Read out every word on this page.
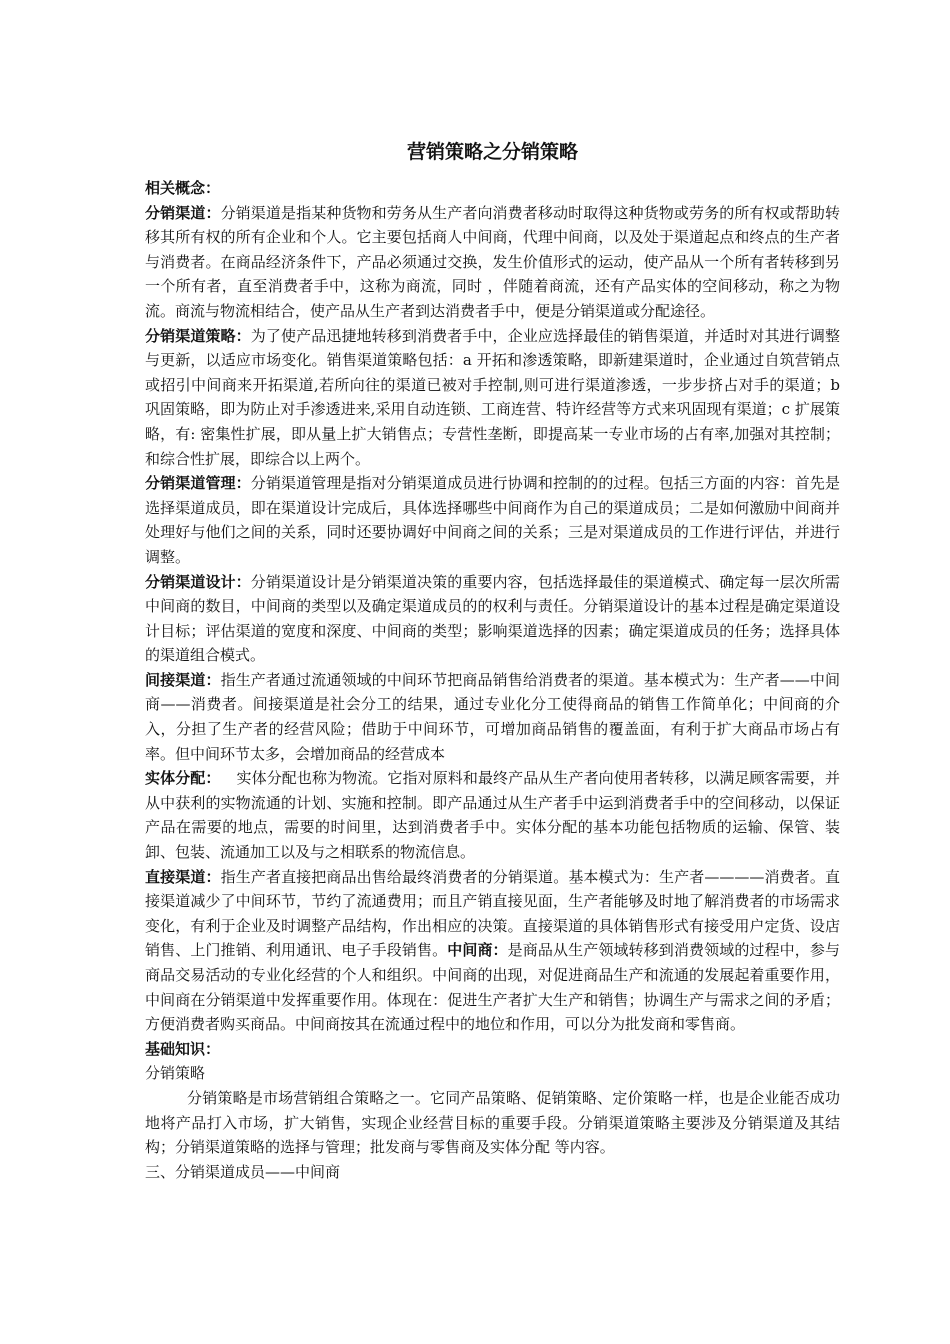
营销策略之分销策略

相关概念：

分销渠道：分销渠道是指某种货物和劳务从生产者向消费者移动时取得这种货物或劳务的所有权或帮助转移其所有权的所有企业和个人。它主要包括商人中间商，代理中间商，以及处于渠道起点和终点的生产者与消费者。在商品经济条件下，产品必须通过交换，发生价值形式的运动，使产品从一个所有者转移到另一个所有者，直至消费者手中，这称为商流，同时 ，伴随着商流，还有产品实体的空间移动，称之为物流。商流与物流相结合，使产品从生产者到达消费者手中，便是分销渠道或分配途径。

分销渠道策略：为了使产品迅捷地转移到消费者手中，企业应选择最佳的销售渠道，并适时对其进行调整与更新，以适应市场变化。销售渠道策略包括：a 开拓和渗透策略，即新建渠道时，企业通过自筑营销点或招引中间商来开拓渠道,若所向往的渠道已被对手控制,则可进行渠道渗透，一步步挤占对手的渠道；b 巩固策略，即为防止对手渗透进来,采用自动连锁、工商连营、特许经营等方式来巩固现有渠道；c 扩展策略，有: 密集性扩展，即从量上扩大销售点；专营性垄断，即提高某一专业市场的占有率,加强对其控制；和综合性扩展，即综合以上两个。

分销渠道管理：分销渠道管理是指对分销渠道成员进行协调和控制的的过程。包括三方面的内容：首先是选择渠道成员，即在渠道设计完成后，具体选择哪些中间商作为自己的渠道成员；二是如何激励中间商并处理好与他们之间的关系，同时还要协调好中间商之间的关系；三是对渠道成员的工作进行评估，并进行调整。

分销渠道设计：分销渠道设计是分销渠道决策的重要内容，包括选择最佳的渠道模式、确定每一层次所需中间商的数目，中间商的类型以及确定渠道成员的的权利与责任。分销渠道设计的基本过程是确定渠道设计目标；评估渠道的宽度和深度、中间商的类型；影响渠道选择的因素；确定渠道成员的任务；选择具体的渠道组合模式。

间接渠道：指生产者通过流通领域的中间环节把商品销售给消费者的渠道。基本模式为：生产者——中间商——消费者。间接渠道是社会分工的结果，通过专业化分工使得商品的销售工作简单化；中间商的介入，分担了生产者的经营风险；借助于中间环节，可增加商品销售的覆盖面，有利于扩大商品市场占有率。但中间环节太多，会增加商品的经营成本

实体分配： 实体分配也称为物流。它指对原料和最终产品从生产者向使用者转移，以满足顾客需要，并从中获利的实物流通的计划、实施和控制。即产品通过从生产者手中运到消费者手中的空间移动，以保证产品在需要的地点，需要的时间里，达到消费者手中。实体分配的基本功能包括物质的运输、保管、装卸、包装、流通加工以及与之相联系的物流信息。

直接渠道：指生产者直接把商品出售给最终消费者的分销渠道。基本模式为：生产者————消费者。直接渠道减少了中间环节，节约了流通费用；而且产销直接见面，生产者能够及时地了解消费者的市场需求变化，有利于企业及时调整产品结构，作出相应的决策。直接渠道的具体销售形式有接受用户定货、设店销售、上门推销、利用通讯、电子手段销售。中间商：是商品从生产领域转移到消费领域的过程中，参与商品交易活动的专业化经营的个人和组织。中间商的出现，对促进商品生产和流通的发展起着重要作用，中间商在分销渠道中发挥重要作用。体现在：促进生产者扩大生产和销售；协调生产与需求之间的矛盾；方便消费者购买商品。中间商按其在流通过程中的地位和作用，可以分为批发商和零售商。

基础知识：

分销策略

分销策略是市场营销组合策略之一。它同产品策略、促销策略、定价策略一样，也是企业能否成功地将产品打入市场，扩大销售，实现企业经营目标的重要手段。分销渠道策略主要涉及分销渠道及其结构；分销渠道策略的选择与管理；批发商与零售商及实体分配 等内容。

三、分销渠道成员——中间商
